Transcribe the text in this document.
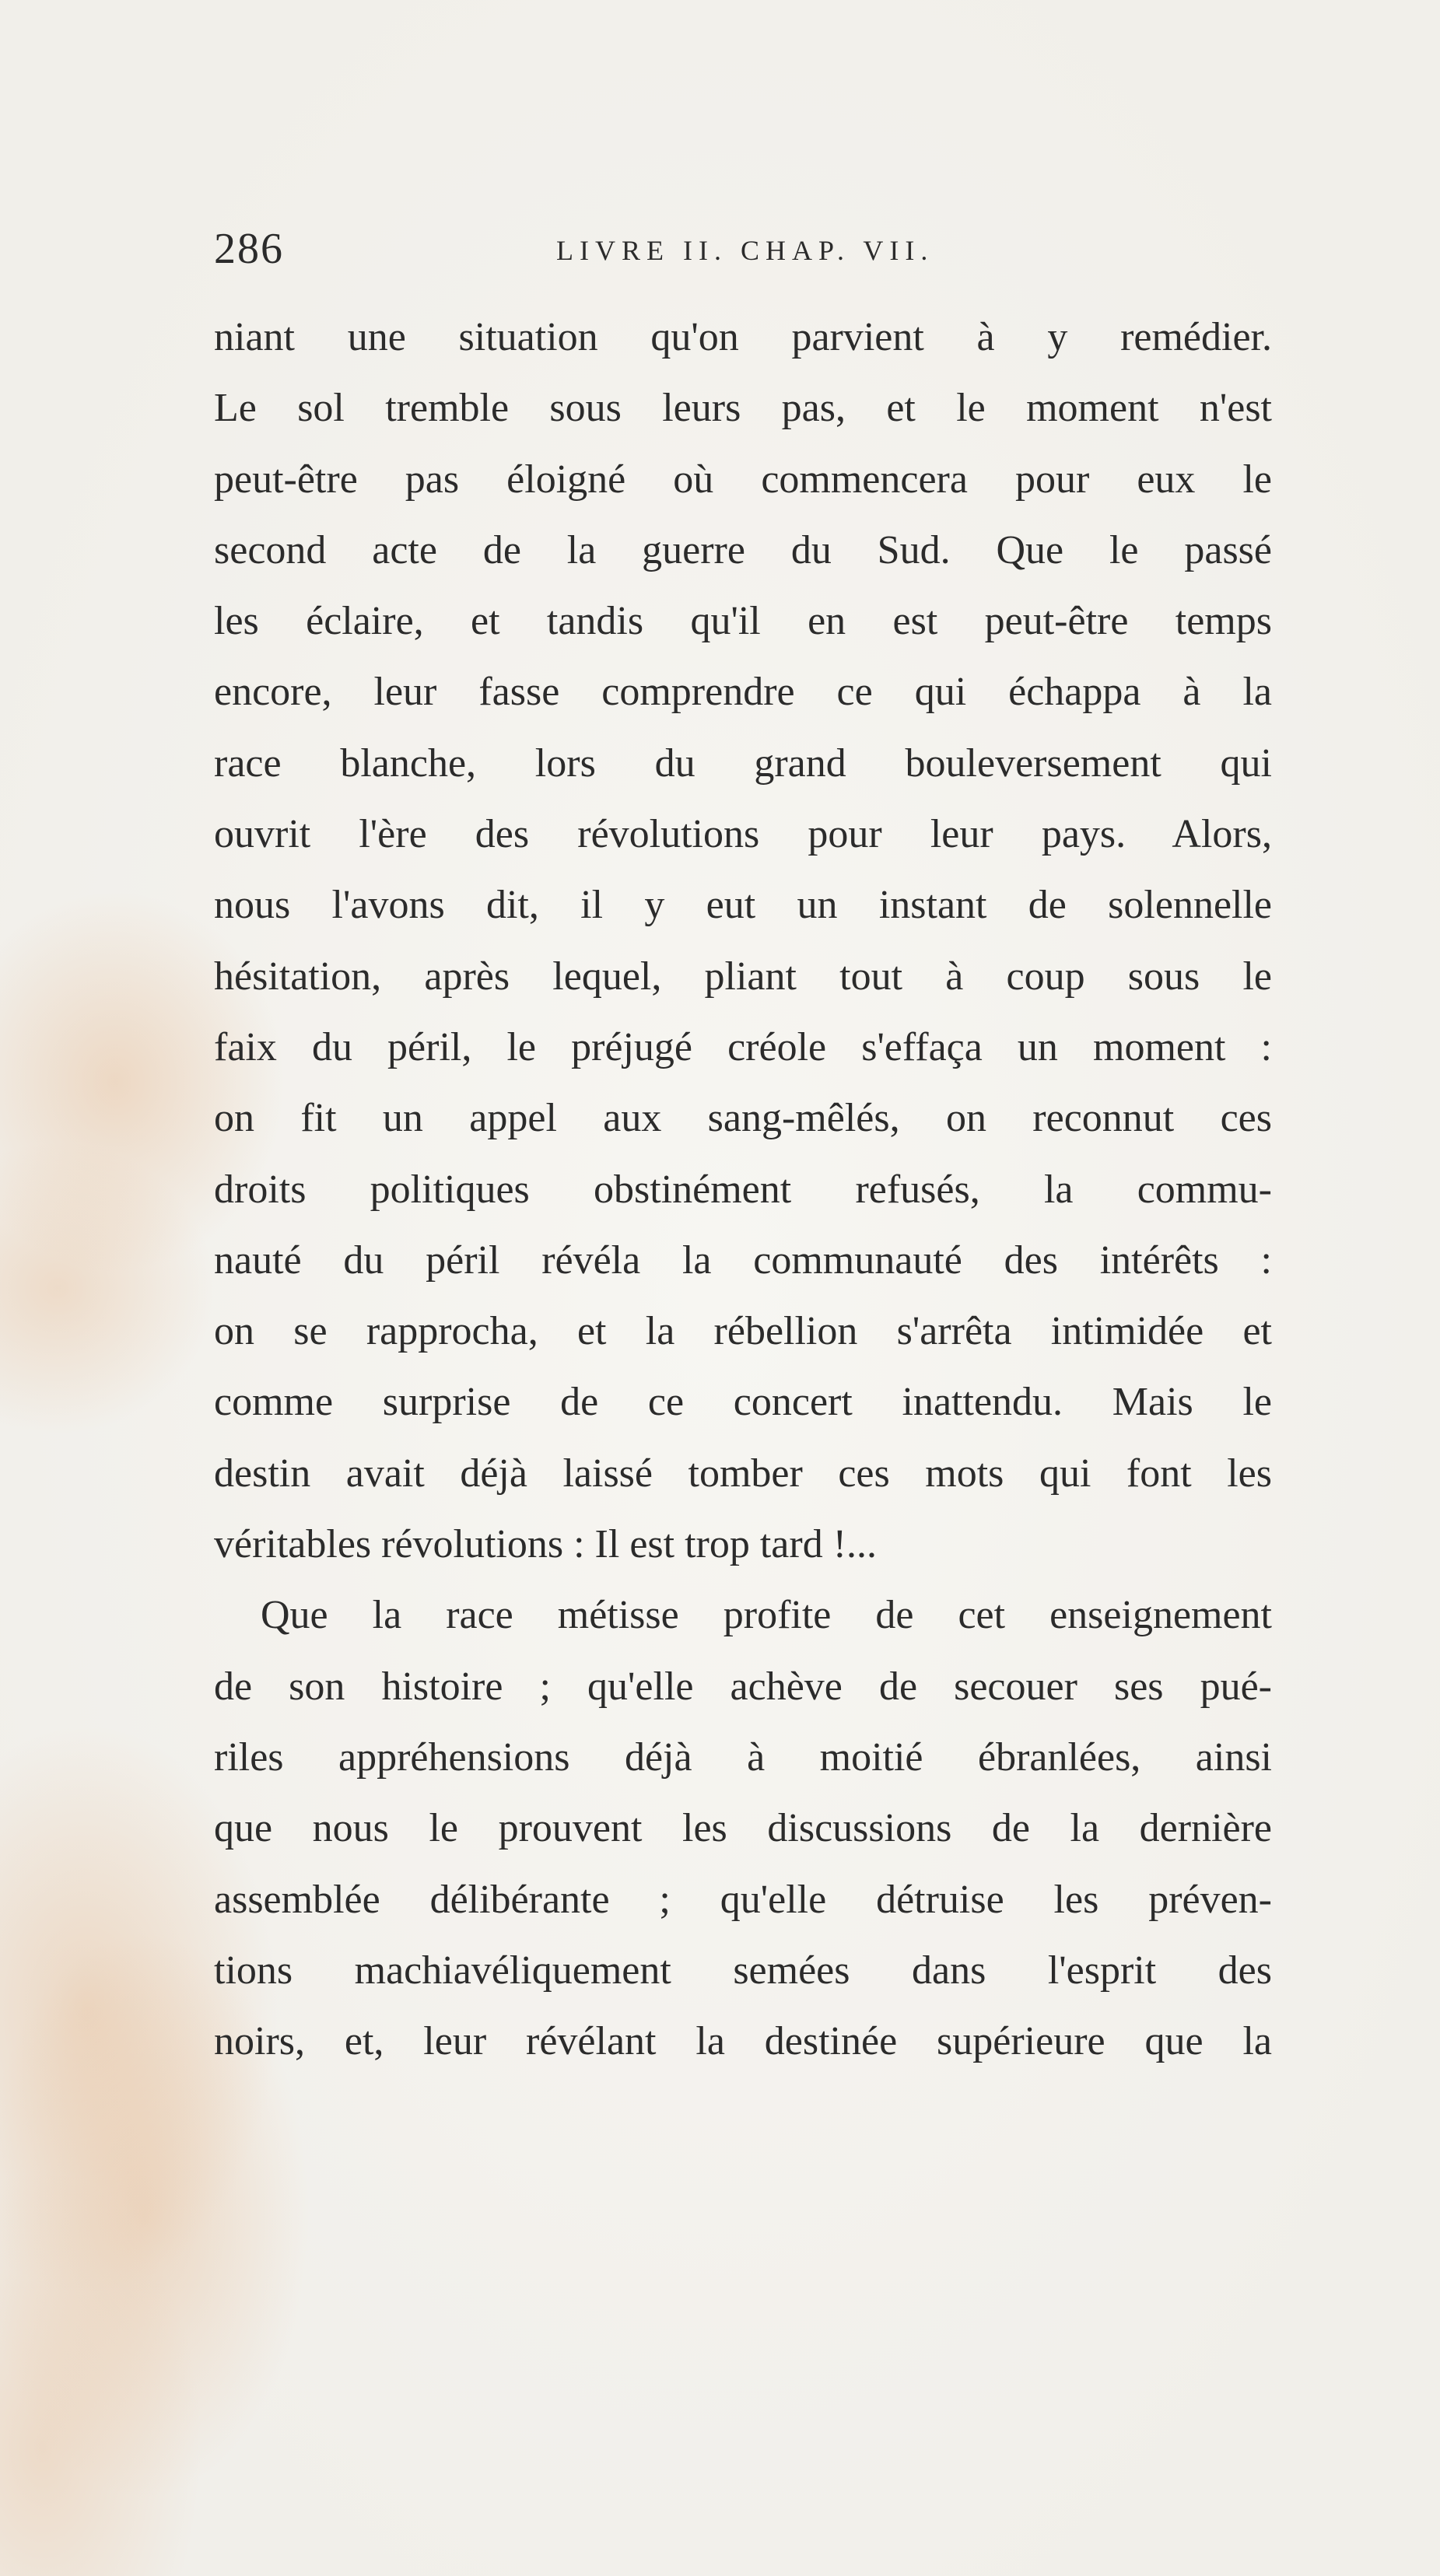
286	LIVRE II. CHAP. VII.
niant une situation qu'on parvient à y remédier.
Le sol tremble sous leurs pas, et le moment n'est
peut-être pas éloigné où commencera pour eux le
second acte de la guerre du Sud. Que le passé
les éclaire, et tandis qu'il en est peut-être temps
encore, leur fasse comprendre ce qui échappa à la
race blanche, lors du grand bouleversement qui
ouvrit l'ère des révolutions pour leur pays. Alors,
nous l'avons dit, il y eut un instant de solennelle
hésitation, après lequel, pliant tout à coup sous le
faix du péril, le préjugé créole s'effaça un moment :
on fit un appel aux sang-mêlés, on reconnut ces
droits politiques obstinément refusés, la commu-
nauté du péril révéla la communauté des intérêts :
on se rapprocha, et la rébellion s'arrêta intimidée et
comme surprise de ce concert inattendu. Mais le
destin avait déjà laissé tomber ces mots qui font les
véritables révolutions : Il est trop tard !...
Que la race métisse profite de cet enseignement
de son histoire ; qu'elle achève de secouer ses pué-
riles appréhensions déjà à moitié ébranlées, ainsi
que nous le prouvent les discussions de la dernière
assemblée délibérante ; qu'elle détruise les préven-
tions machiavéliquement semées dans l'esprit des
noirs, et, leur révélant la destinée supérieure que la
